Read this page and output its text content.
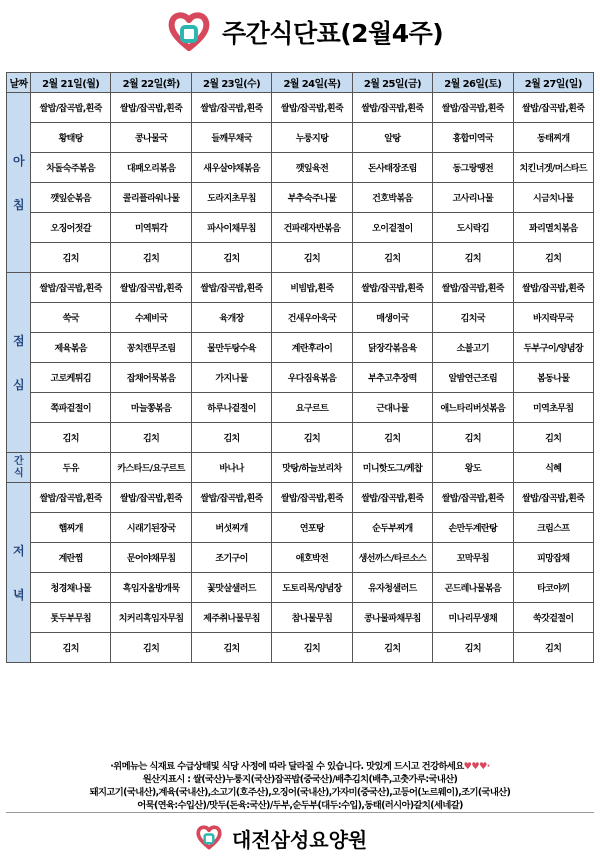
주간식단표(2월4주)
날짜	2월 21일(월)	2월 22일(화)	2월 23일(수)	2월 24일(목)	2월 25일(금)	2월 26일(토)	2월 27일(일)

아
침	쌀밥/잡곡밥,흰죽	쌀밥/잡곡밥,흰죽	쌀밥/잡곡밥,흰죽	쌀밥/잡곡밥,흰죽	쌀밥/잡곡밥,흰죽	쌀밥/잡곡밥,흰죽	쌀밥/잡곡밥,흰죽
	황태탕	콩나물국	들깨무채국	누룽지탕	알탕	홍합미역국	동태찌개
	차돌숙주볶음	대패오리볶음	새우살야채볶음	깻잎육전	돈사태장조림	동그랑땡전	치킨너겟/머스타드
	깻잎순볶음	콜리플라워나물	도라지초무침	부추숙주나물	건호박볶음	고사리나물	시금치나물
	오징어젓갈	미역튀각	파사이채무침	건파래자반볶음	오이겉절이	도시락김	꽈리멸치볶음
	김치	김치	김치	김치	김치	김치	김치

점
심	쌀밥/잡곡밥,흰죽	쌀밥/잡곡밥,흰죽	쌀밥/잡곡밥,흰죽	비빔밥,흰죽	쌀밥/잡곡밥,흰죽	쌀밥/잡곡밥,흰죽	쌀밥/잡곡밥,흰죽
	쑥국	수제비국	육개장	건새우아욱국	매생이국	김치국	바지락무국
	제육볶음	꽁치캔무조림	물만두탕수육	계란후라이	닭장각볶음육	소불고기	두부구이/양념장
	고로케튀김	잡채어묵볶음	가지나물	우다짐육볶음	부추고추장떡	알밤연근조림	봄동나물
	쪽파겉절이	마늘쫑볶음	하루나겉절이	요구르트	근대나물	애느타리버섯볶음	미역초무침
	김치	김치	김치	김치	김치	김치	김치

간
식	두유	카스타드/요구르트	바나나	맛탕/하늘보리차	미니핫도그/케찹	왕도	식혜

저
녁	쌀밥/잡곡밥,흰죽	쌀밥/잡곡밥,흰죽	쌀밥/잡곡밥,흰죽	쌀밥/잡곡밥,흰죽	쌀밥/잡곡밥,흰죽	쌀밥/잡곡밥,흰죽	쌀밥/잡곡밥,흰죽
	햄찌개	시래기된장국	버섯찌개	연포탕	순두부찌개	손만두계란탕	크림스프
	계란찜	문어야채무침	조기구이	애호박전	생선까스/타르소스	꼬막무침	피망잡채
	청경채나물	흑임자올방개묵	꽃맛살샐러드	도토리묵/양념장	유자청샐러드	곤드레나물볶음	타코야끼
	톳두부무침	치커리흑임자무침	제주취나물무침	참나물무침	콩나물파채무침	미나리무생채	쑥갓겉절이
	김치	김치	김치	김치	김치	김치	김치
·위메뉴는 식재료 수급상태및 식당 사정에 따라 달라질 수 있습니다. 맛있게 드시고 건강하세요♥♥♥·
원산지표시 : 쌀(국산)누룽지(국산)잡곡밥(중국산)/배추김치(배추,고춧가루:국내산)
돼지고기(국내산),계육(국내산),소고기(호주산),오징어(국내산),가자미(중국산),고등어(노르웨이),조기(국내산)
어묵(연육:수입산)/맛두(돈육:국산)/두부,순두부(대두:수입),동태(러시아)갈치(세네갈)
대전삼성요양원
